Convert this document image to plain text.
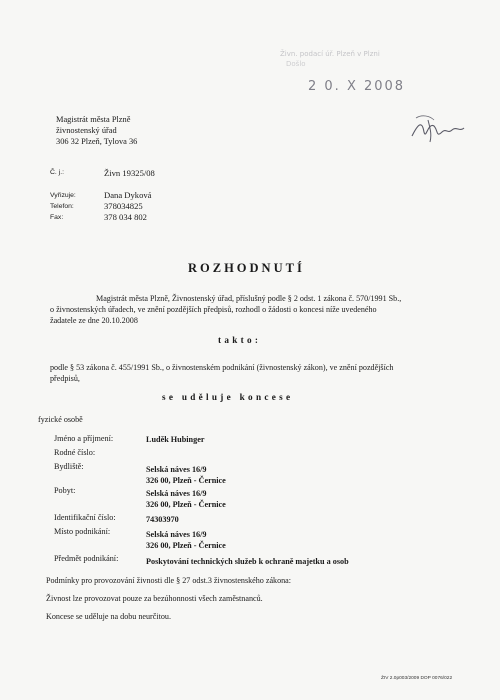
Živn. podací úř. Plzeň v Plzni
Došlo
2 0. X 2008
Magistrát města Plzně
živnostenský úřad
306 32 Plzeň, Tylova 36
Č. j.:	Živn 19325/08
Vyřizuje:	Dana Dyková
Telefon:	378034825
Fax:	378 034 802
ROZHODNUTÍ
Magistrát města Plzně, Živnostenský úřad, příslušný podle § 2 odst. 1 zákona č. 570/1991 Sb.,
o živnostenských úřadech, ve znění pozdějších předpisů, rozhodl o žádosti o koncesi níže uvedeného
žadatele ze dne 20.10.2008
takto:
podle § 53 zákona č. 455/1991 Sb., o živnostenském podnikání (živnostenský zákon), ve znění pozdějších
předpisů,
se uděluje koncese
fyzické osobě
Jméno a příjmení:	Luděk Hubinger
Rodné číslo:
Bydliště:	Selská náves 16/9
326 00, Plzeň - Černice
Pobyt:	Selská náves 16/9
326 00, Plzeň - Černice
Identifikační číslo:	74303970
Místo podnikání:	Selská náves 16/9
326 00, Plzeň - Černice
Předmět podnikání:	Poskytování technických služeb k ochraně majetku a osob
Podmínky pro provozování živnosti dle § 27 odst.3 živnostenského zákona:
Živnost lze provozovat pouze za bezúhonnosti všech zaměstnanců.
Koncese se uděluje na dobu neurčitou.
ŽIV 2.0p003/2009 DOP 0076/022
